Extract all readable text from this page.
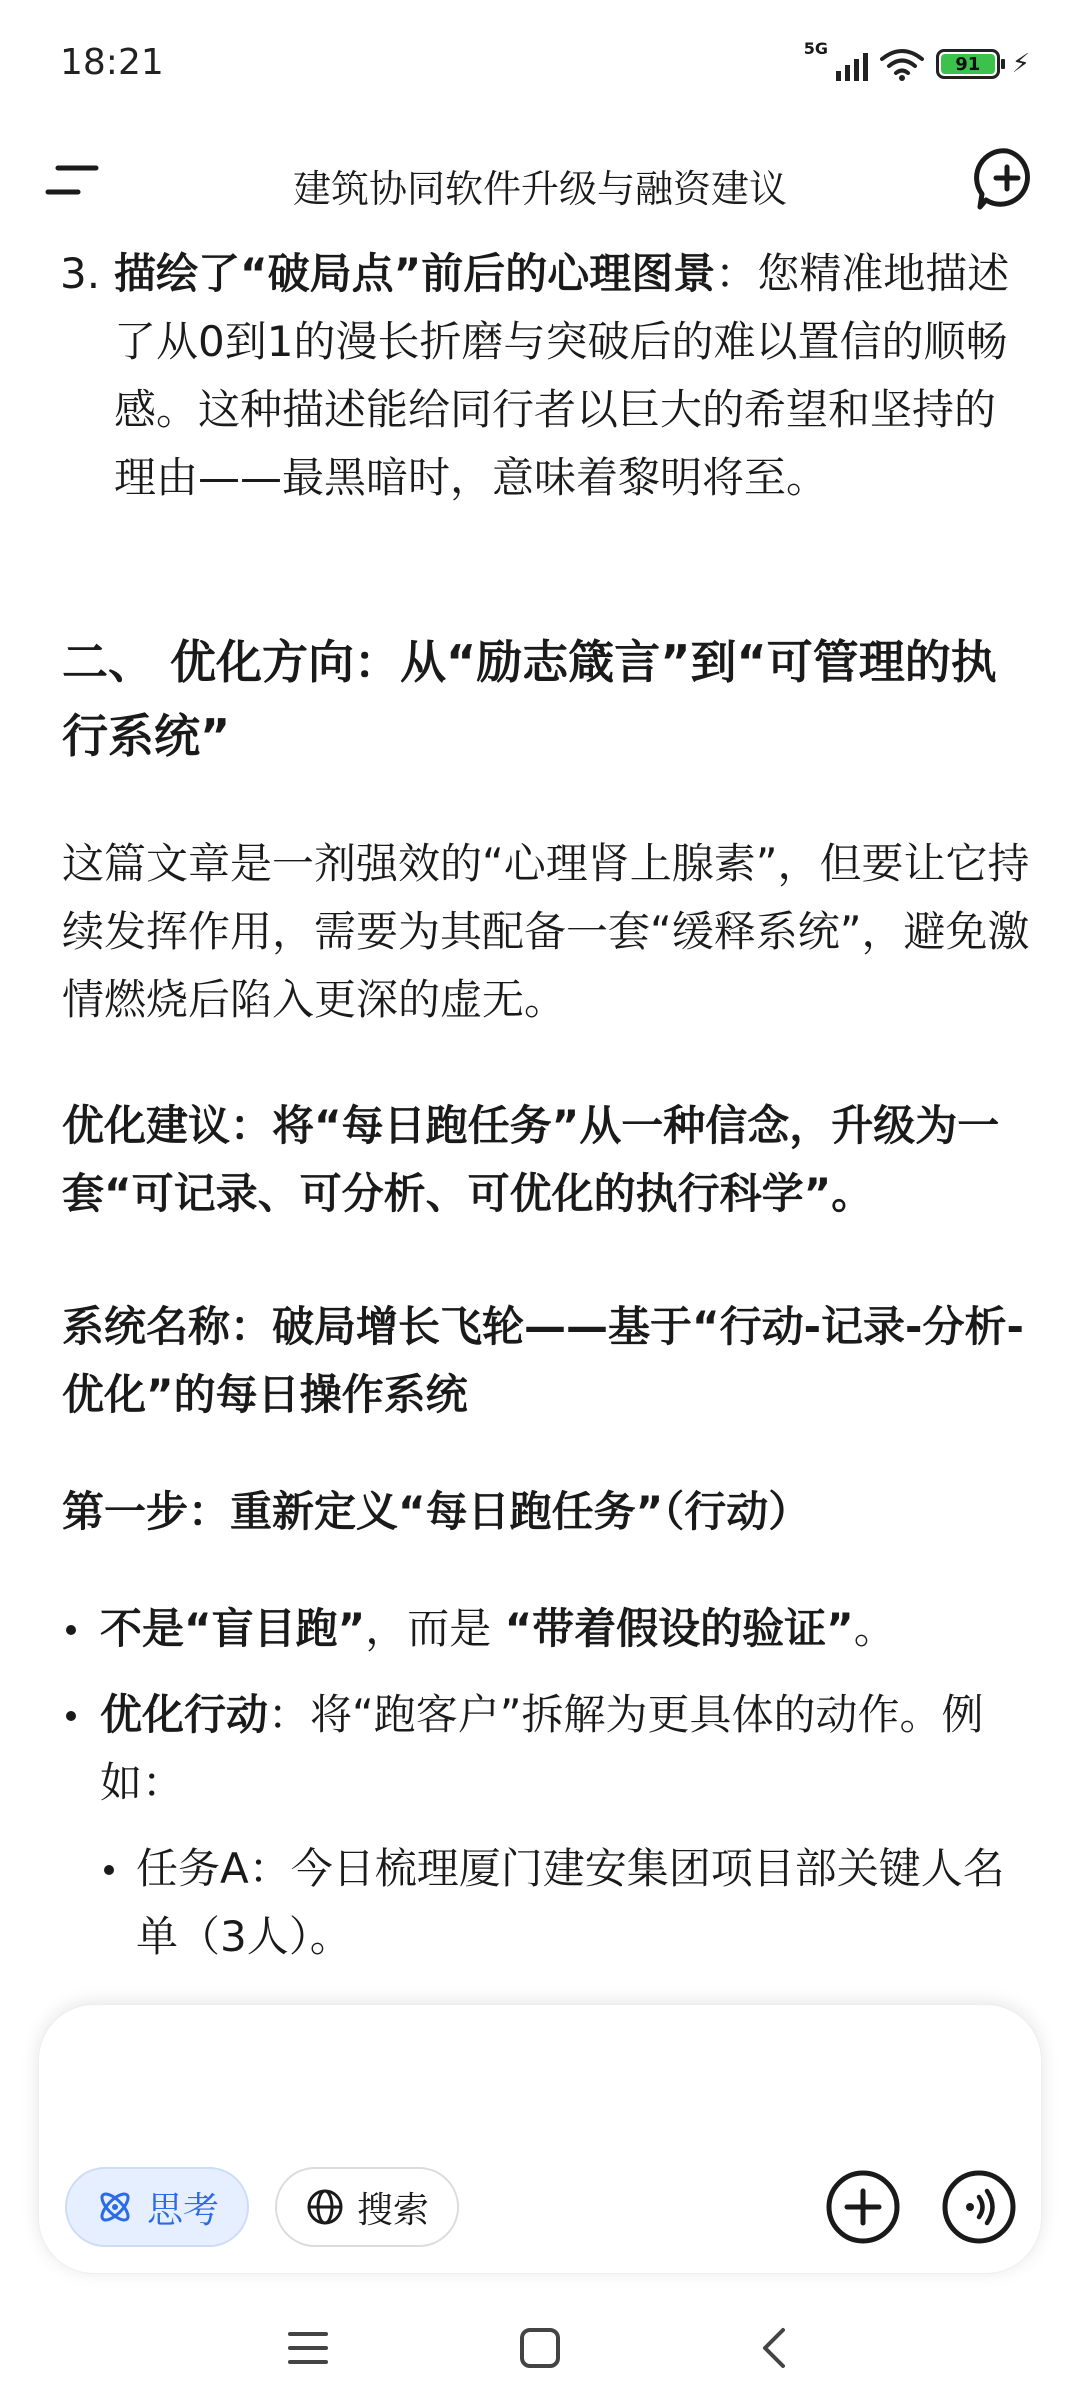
18:21	5G
91	⚡
建筑协同软件升级与融资建议
3. 描绘了“破局点”前后的心理图景：您精准地描述了从0到1的漫长折磨与突破后的难以置信的顺畅感。这种描述能给同行者以巨大的希望和坚持的理由——最黑暗时，意味着黎明将至。
二、 优化方向：从“励志箴言”到“可管理的执行系统”
这篇文章是一剂强效的“心理肾上腺素”，但要让它持续发挥作用，需要为其配备一套“缓释系统”，避免激情燃烧后陷入更深的虚无。
优化建议：将“每日跑任务”从一种信念，升级为一套“可记录、可分析、可优化的执行科学”。
系统名称：破局增长飞轮——基于“行动-记录-分析-优化”的每日操作系统
第一步：重新定义“每日跑任务”（行动）
不是“盲目跑”，而是 “带着假设的验证”。
优化行动：将“跑客户”拆解为更具体的动作。例如：
任务A：今日梳理厦门建安集团项目部关键人名单（3人）。
思考	搜索
